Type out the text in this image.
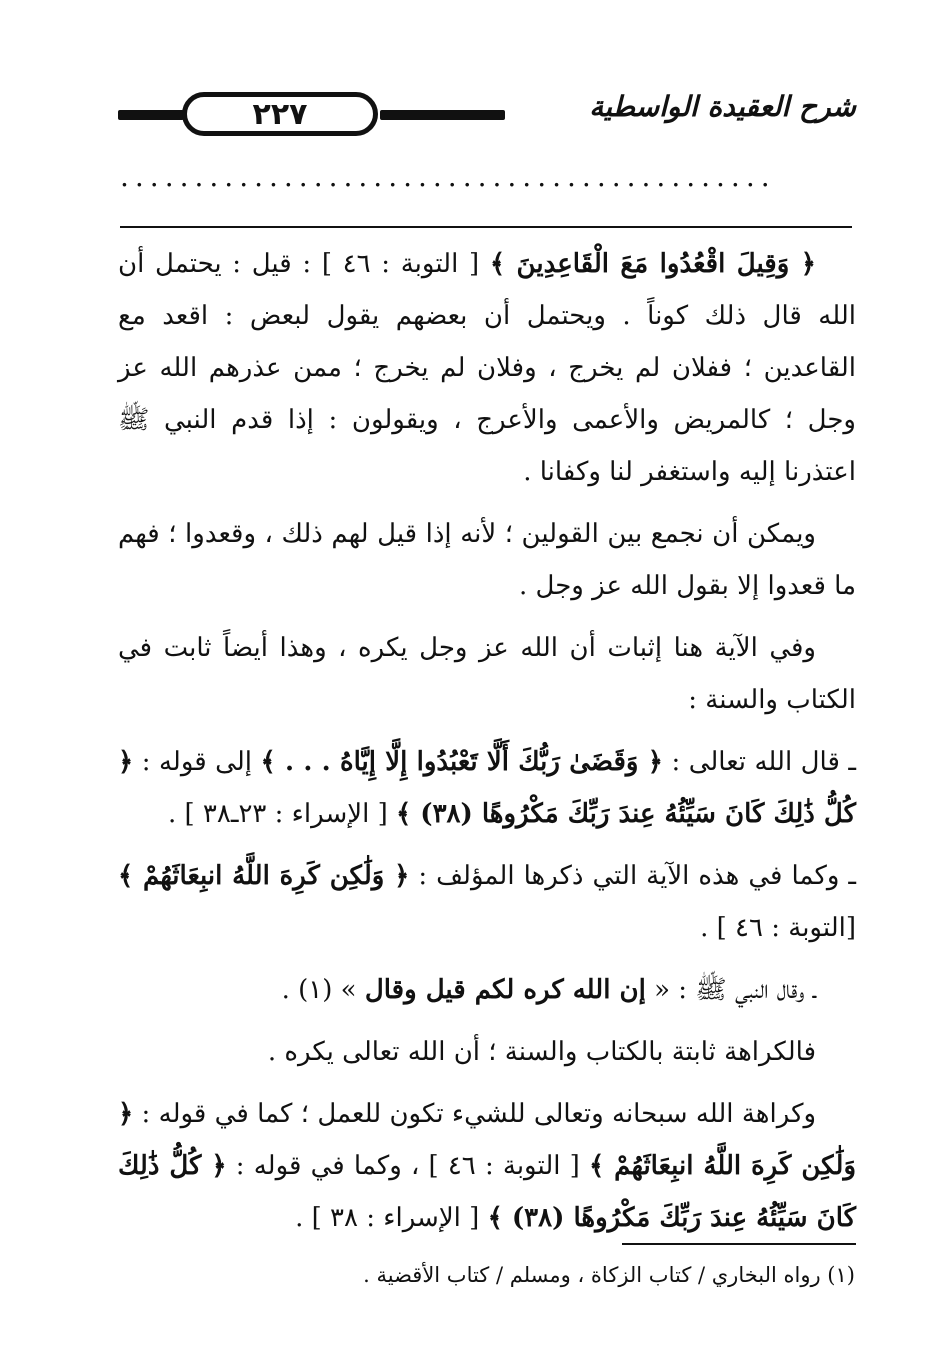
٢٢٧	شرح العقيدة الواسطية
............................................

﴿ وَقِيلَ اقْعُدُوا مَعَ الْقَاعِدِينَ ﴾ [ التوبة : ٤٦ ] : قيل : يحتمل أن الله قال ذلك كوناً . ويحتمل أن بعضهم يقول لبعض : اقعد مع القاعدين ؛ ففلان لم يخرج ، وفلان لم يخرج ؛ ممن عذرهم الله عز وجل ؛ كالمريض والأعمى والأعرج ، ويقولون : إذا قدم النبي ﷺ اعتذرنا إليه واستغفر لنا وكفانا .

ويمكن أن نجمع بين القولين ؛ لأنه إذا قيل لهم ذلك ، وقعدوا ؛ فهم ما قعدوا إلا بقول الله عز وجل .

وفي الآية هنا إثبات أن الله عز وجل يكره ، وهذا أيضاً ثابت في الكتاب والسنة :

ـ قال الله تعالى : ﴿ وَقَضَىٰ رَبُّكَ أَلَّا تَعْبُدُوا إِلَّا إِيَّاهُ . . . ﴾ إلى قوله : ﴿ كُلُّ ذَٰلِكَ كَانَ سَيِّئُهُ عِندَ رَبِّكَ مَكْرُوهًا (٣٨) ﴾ [ الإسراء : ٢٣ـ٣٨ ] .

ـ وكما في هذه الآية التي ذكرها المؤلف : ﴿ وَلَٰكِن كَرِهَ اللَّهُ انبِعَاثَهُمْ ﴾ [التوبة : ٤٦ ] .

ـ وقال النبي ﷺ : « إن الله كره لكم قيل وقال » (١) .

فالكراهة ثابتة بالكتاب والسنة ؛ أن الله تعالى يكره .

وكراهة الله سبحانه وتعالى للشيء تكون للعمل ؛ كما في قوله : ﴿ وَلَٰكِن كَرِهَ اللَّهُ انبِعَاثَهُمْ ﴾ [ التوبة : ٤٦ ] ، وكما في قوله : ﴿ كُلُّ ذَٰلِكَ كَانَ سَيِّئُهُ عِندَ رَبِّكَ مَكْرُوهًا (٣٨) ﴾ [ الإسراء : ٣٨ ] .

(١) رواه البخاري / كتاب الزكاة ، ومسلم / كتاب الأقضية .
